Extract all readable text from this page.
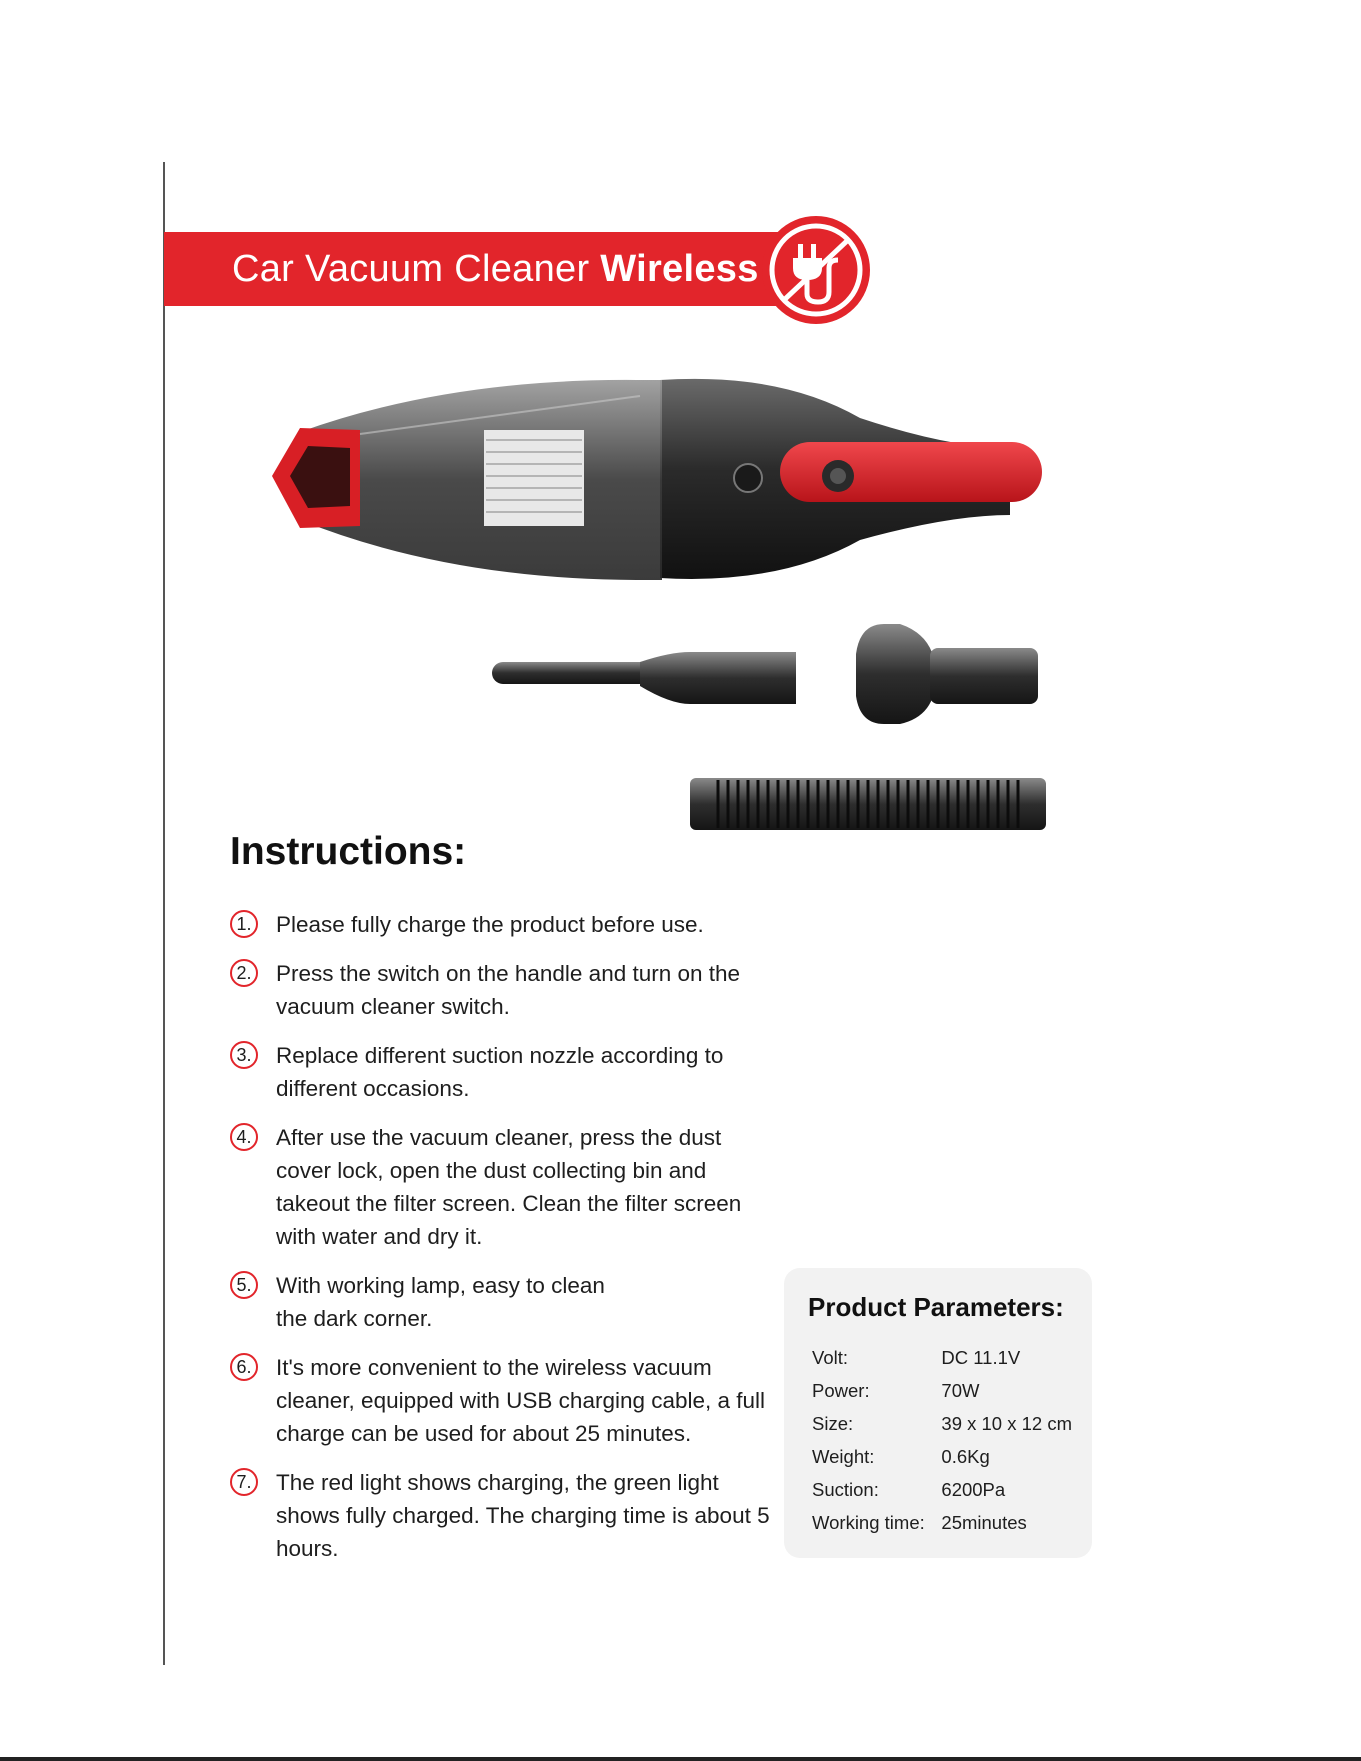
Car Vacuum Cleaner Wireless
Instructions:
1. Please fully charge the product before use.
2. Press the switch on the handle and turn on the vacuum cleaner switch.
3. Replace different suction nozzle according to different occasions.
4. After use the vacuum cleaner, press the dust cover lock, open the dust collecting bin and takeout the filter screen. Clean the filter screen with water and dry it.
5. With working lamp, easy to clean the dark corner.
6. It's more convenient to the wireless vacuum cleaner, equipped with USB charging cable, a full charge can be used for about 25 minutes.
7. The red light shows charging, the green light shows fully charged. The charging time is about 5 hours.
Product Parameters:
Volt:	DC 11.1V
Power:	70W
Size:	39 x 10 x 12 cm
Weight:	0.6Kg
Suction:	6200Pa
Working time:	25minutes
